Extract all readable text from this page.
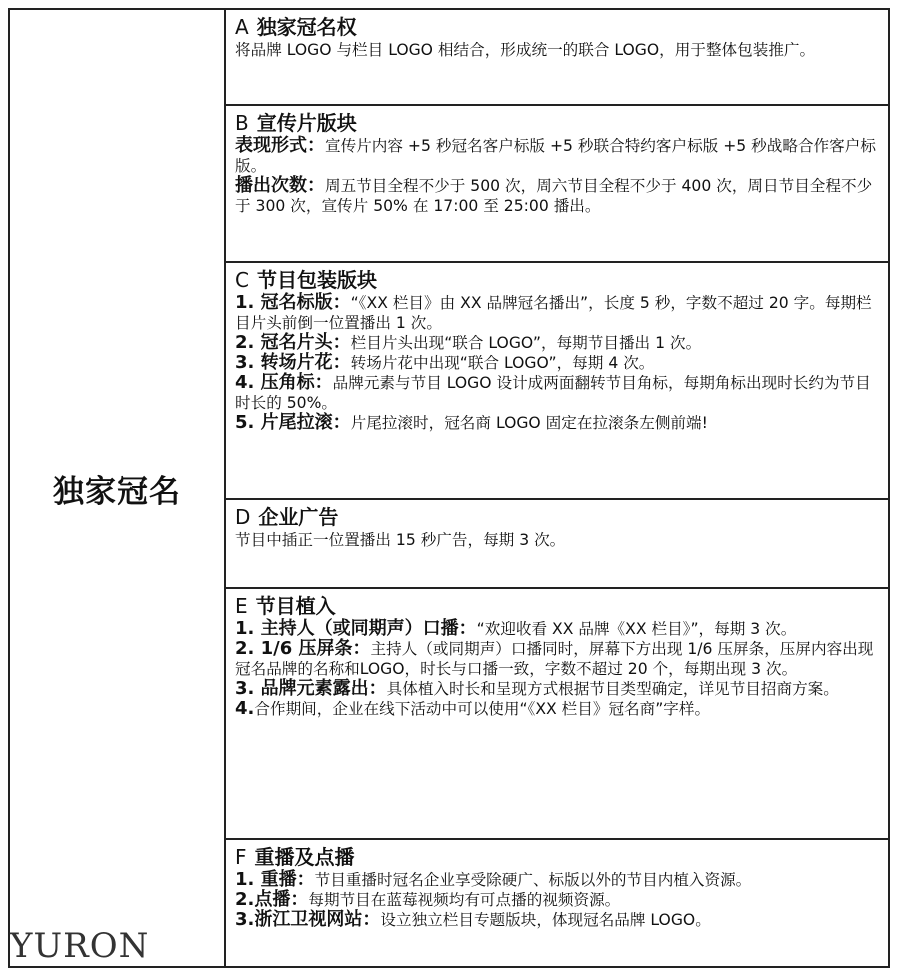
独家冠名
A 独家冠名权

将品牌 LOGO 与栏目 LOGO 相结合，形成统一的联合 LOGO，用于整体包装推广。

B 宣传片版块

表现形式：宣传片内容 +5 秒冠名客户标版 +5 秒联合特约客户标版 +5 秒战略合作客户标版。

播出次数：周五节目全程不少于 500 次，周六节目全程不少于 400 次，周日节目全程不少于 300 次，宣传片 50% 在 17:00 至 25:00 播出。

C 节目包装版块

1. 冠名标版：“《XX 栏目》由 XX 品牌冠名播出”，长度 5 秒，字数不超过 20 字。每期栏目片头前倒一位置播出 1 次。

2. 冠名片头：栏目片头出现“联合 LOGO”，每期节目播出 1 次。

3. 转场片花：转场片花中出现“联合 LOGO”，每期 4 次。

4. 压角标：品牌元素与节目 LOGO 设计成两面翻转节目角标，每期角标出现时长约为节目时长的 50%。

5. 片尾拉滚：片尾拉滚时，冠名商 LOGO 固定在拉滚条左侧前端!

D 企业广告

节目中插正一位置播出 15 秒广告，每期 3 次。

E 节目植入

1. 主持人（或同期声）口播：“欢迎收看 XX 品牌《XX 栏目》”，每期 3 次。

2. 1/6 压屏条：主持人（或同期声）口播同时，屏幕下方出现 1/6 压屏条，压屏内容出现冠名品牌的名称和LOGO，时长与口播一致，字数不超过 20 个，每期出现 3 次。

3. 品牌元素露出：具体植入时长和呈现方式根据节目类型确定，详见节目招商方案。

4.合作期间，企业在线下活动中可以使用“《XX 栏目》冠名商”字样。

F 重播及点播

1. 重播：节目重播时冠名企业享受除硬广、标版以外的节目内植入资源。

2.点播：每期节目在蓝莓视频均有可点播的视频资源。

3.浙江卫视网站：设立独立栏目专题版块，体现冠名品牌 LOGO。

YURON
